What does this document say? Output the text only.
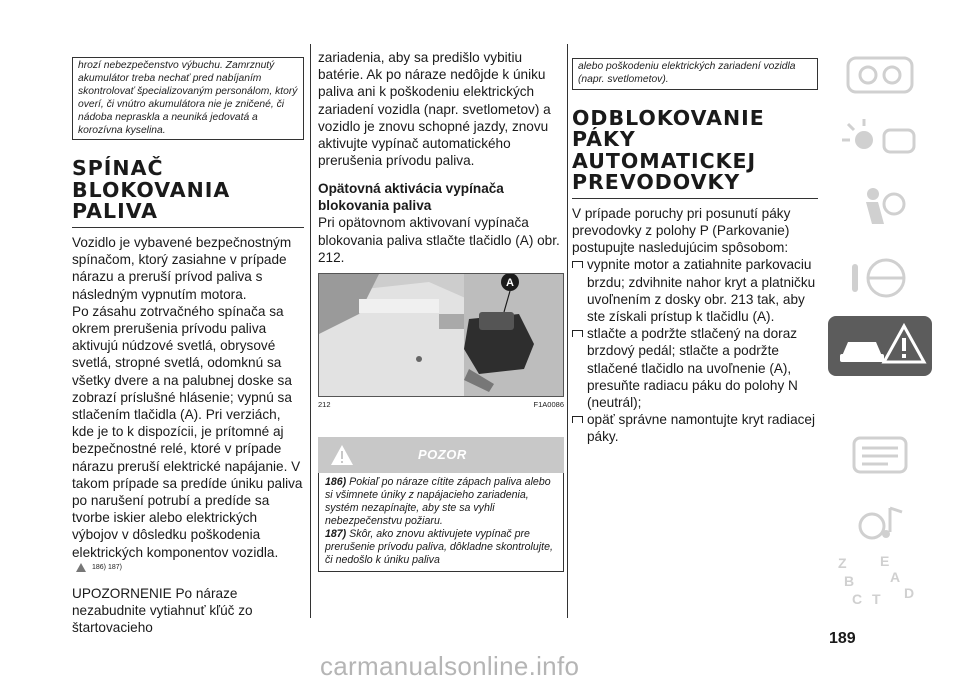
hrozí nebezpečenstvo výbuchu. Zamrznutý akumulátor treba nechať pred nabíjaním skontrolovať špecializovaným personálom, ktorý overí, či vnútro akumulátora nie je zničené, či nádoba nepraskla a neuniká jedovatá a korozívna kyselina.
SPÍNAČ
BLOKOVANIA
PALIVA
Vozidlo je vybavené bezpečnostným spínačom, ktorý zasiahne v prípade nárazu a preruší prívod paliva s následným vypnutím motora.
Po zásahu zotrvačného spínača sa okrem prerušenia prívodu paliva aktivujú núdzové svetlá, obrysové svetlá, stropné svetlá, odomknú sa všetky dvere a na palubnej doske sa zobrazí príslušné hlásenie; vypnú sa stlačením tlačidla (A). Pri verziách, kde je to k dispozícii, je prítomné aj bezpečnostné relé, ktoré v prípade nárazu preruší elektrické napájanie. V takom prípade sa predíde úniku paliva po narušení potrubí a predíde sa tvorbe iskier alebo elektrických výbojov v dôsledku poškodenia elektrických komponentov vozidla.
186) 187)
UPOZORNENIE Po náraze nezabudnite vytiahnuť kľúč zo štartovacieho
zariadenia, aby sa predišlo vybitiu batérie. Ak po náraze nedôjde k úniku paliva ani k poškodeniu elektrických zariadení vozidla (napr. svetlometov) a vozidlo je znovu schopné jazdy, znovu aktivujte vypínač automatického prerušenia prívodu paliva.
Opätovná aktivácia vypínača blokovania paliva
Pri opätovnom aktivovaní vypínača blokovania paliva stlačte tlačidlo (A) obr. 212.
A
212	F1A0086
POZOR
186) Pokiaľ po náraze cítite zápach paliva alebo si všimnete úniky z napájacieho zariadenia, systém nezapínajte, aby ste sa vyhli nebezpečenstvu požiaru.
187) Skôr, ako znovu aktivujete vypínač pre prerušenie prívodu paliva, dôkladne skontrolujte, či nedošlo k úniku paliva
alebo poškodeniu elektrických zariadení vozidla (napr. svetlometov).
ODBLOKOVANIE
PÁKY
AUTOMATICKEJ
PREVODOVKY
V prípade poruchy pri posunutí páky prevodovky z polohy P (Parkovanie) postupujte nasledujúcim spôsobom:
vypnite motor a zatiahnite parkovaciu brzdu; zdvihnite nahor kryt a platničku uvoľnením z dosky obr. 213 tak, aby ste získali prístup k tlačidlu (A).
stlačte a podržte stlačený na doraz brzdový pedál; stlačte a podržte stlačené tlačidlo na uvoľnenie (A), presuňte radiacu páku do polohy N (neutrál);
opäť správne namontujte kryt radiacej páky.
Z E
A
B
C T D
189
carmanualsonline.info
